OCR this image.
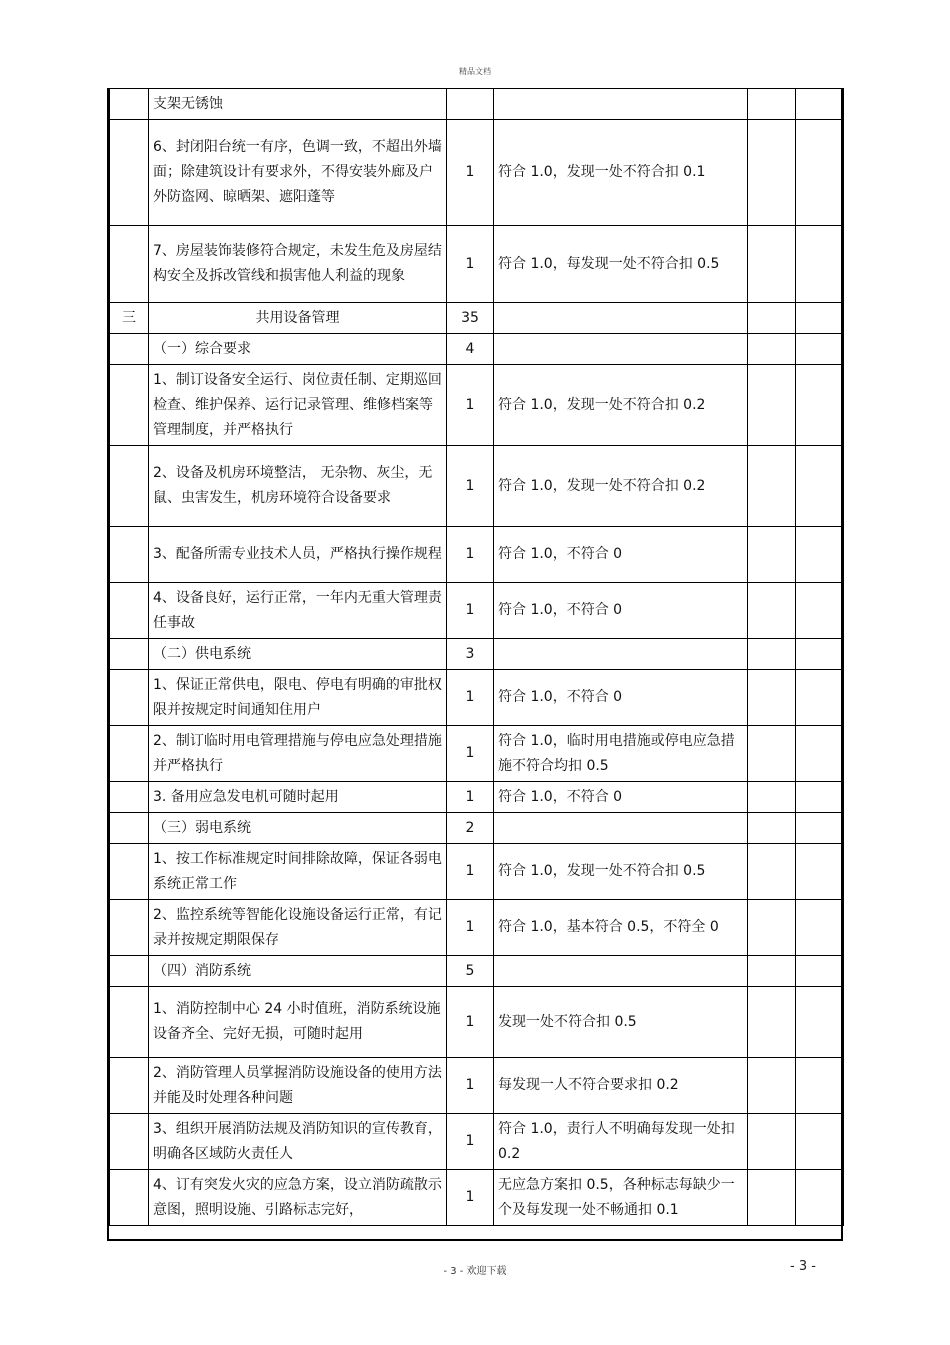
精品文档
	支架无锈蚀				
	6、封闭阳台统一有序，色调一致，不超出外墙面；除建筑设计有要求外，不得安装外廊及户外防盗网、晾晒架、遮阳蓬等	1	符合 1.0，发现一处不符合扣 0.1		
	7、房屋装饰装修符合规定，未发生危及房屋结构安全及拆改管线和损害他人利益的现象	1	符合 1.0，每发现一处不符合扣 0.5		
三	共用设备管理	35			
	（一）综合要求	4			
	1、制订设备安全运行、岗位责任制、定期巡回检查、维护保养、运行记录管理、维修档案等管理制度，并严格执行	1	符合 1.0，发现一处不符合扣 0.2		
	2、设备及机房环境整洁， 无杂物、灰尘，无鼠、虫害发生，机房环境符合设备要求	1	符合 1.0，发现一处不符合扣 0.2		
	3、配备所需专业技术人员，严格执行操作规程	1	符合 1.0，不符合 0		
	4、设备良好，运行正常，一年内无重大管理责任事故	1	符合 1.0，不符合 0		
	（二）供电系统	3			
	1、保证正常供电，限电、停电有明确的审批权限并按规定时间通知住用户	1	符合 1.0，不符合 0		
	2、制订临时用电管理措施与停电应急处理措施并严格执行	1	符合 1.0，临时用电措施或停电应急措施不符合均扣 0.5		
	3. 备用应急发电机可随时起用	1	符合 1.0，不符合 0		
	（三）弱电系统	2			
	1、按工作标准规定时间排除故障，保证各弱电系统正常工作	1	符合 1.0，发现一处不符合扣 0.5		
	2、监控系统等智能化设施设备运行正常，有记录并按规定期限保存	1	符合 1.0，基本符合 0.5，不符全 0		
	（四）消防系统	5			
	1、消防控制中心 24 小时值班，消防系统设施设备齐全、完好无损，可随时起用	1	发现一处不符合扣 0.5		
	2、消防管理人员掌握消防设施设备的使用方法并能及时处理各种问题	1	每发现一人不符合要求扣 0.2		
	3、组织开展消防法规及消防知识的宣传教育，明确各区域防火责任人	1	符合 1.0，责行人不明确每发现一处扣 0.2		
	4、订有突发火灾的应急方案，设立消防疏散示意图，照明设施、引路标志完好，	1	无应急方案扣 0.5，各种标志每缺少一个及每发现一处不畅通扣 0.1		
- 3 - 欢迎下载	- 3 -
